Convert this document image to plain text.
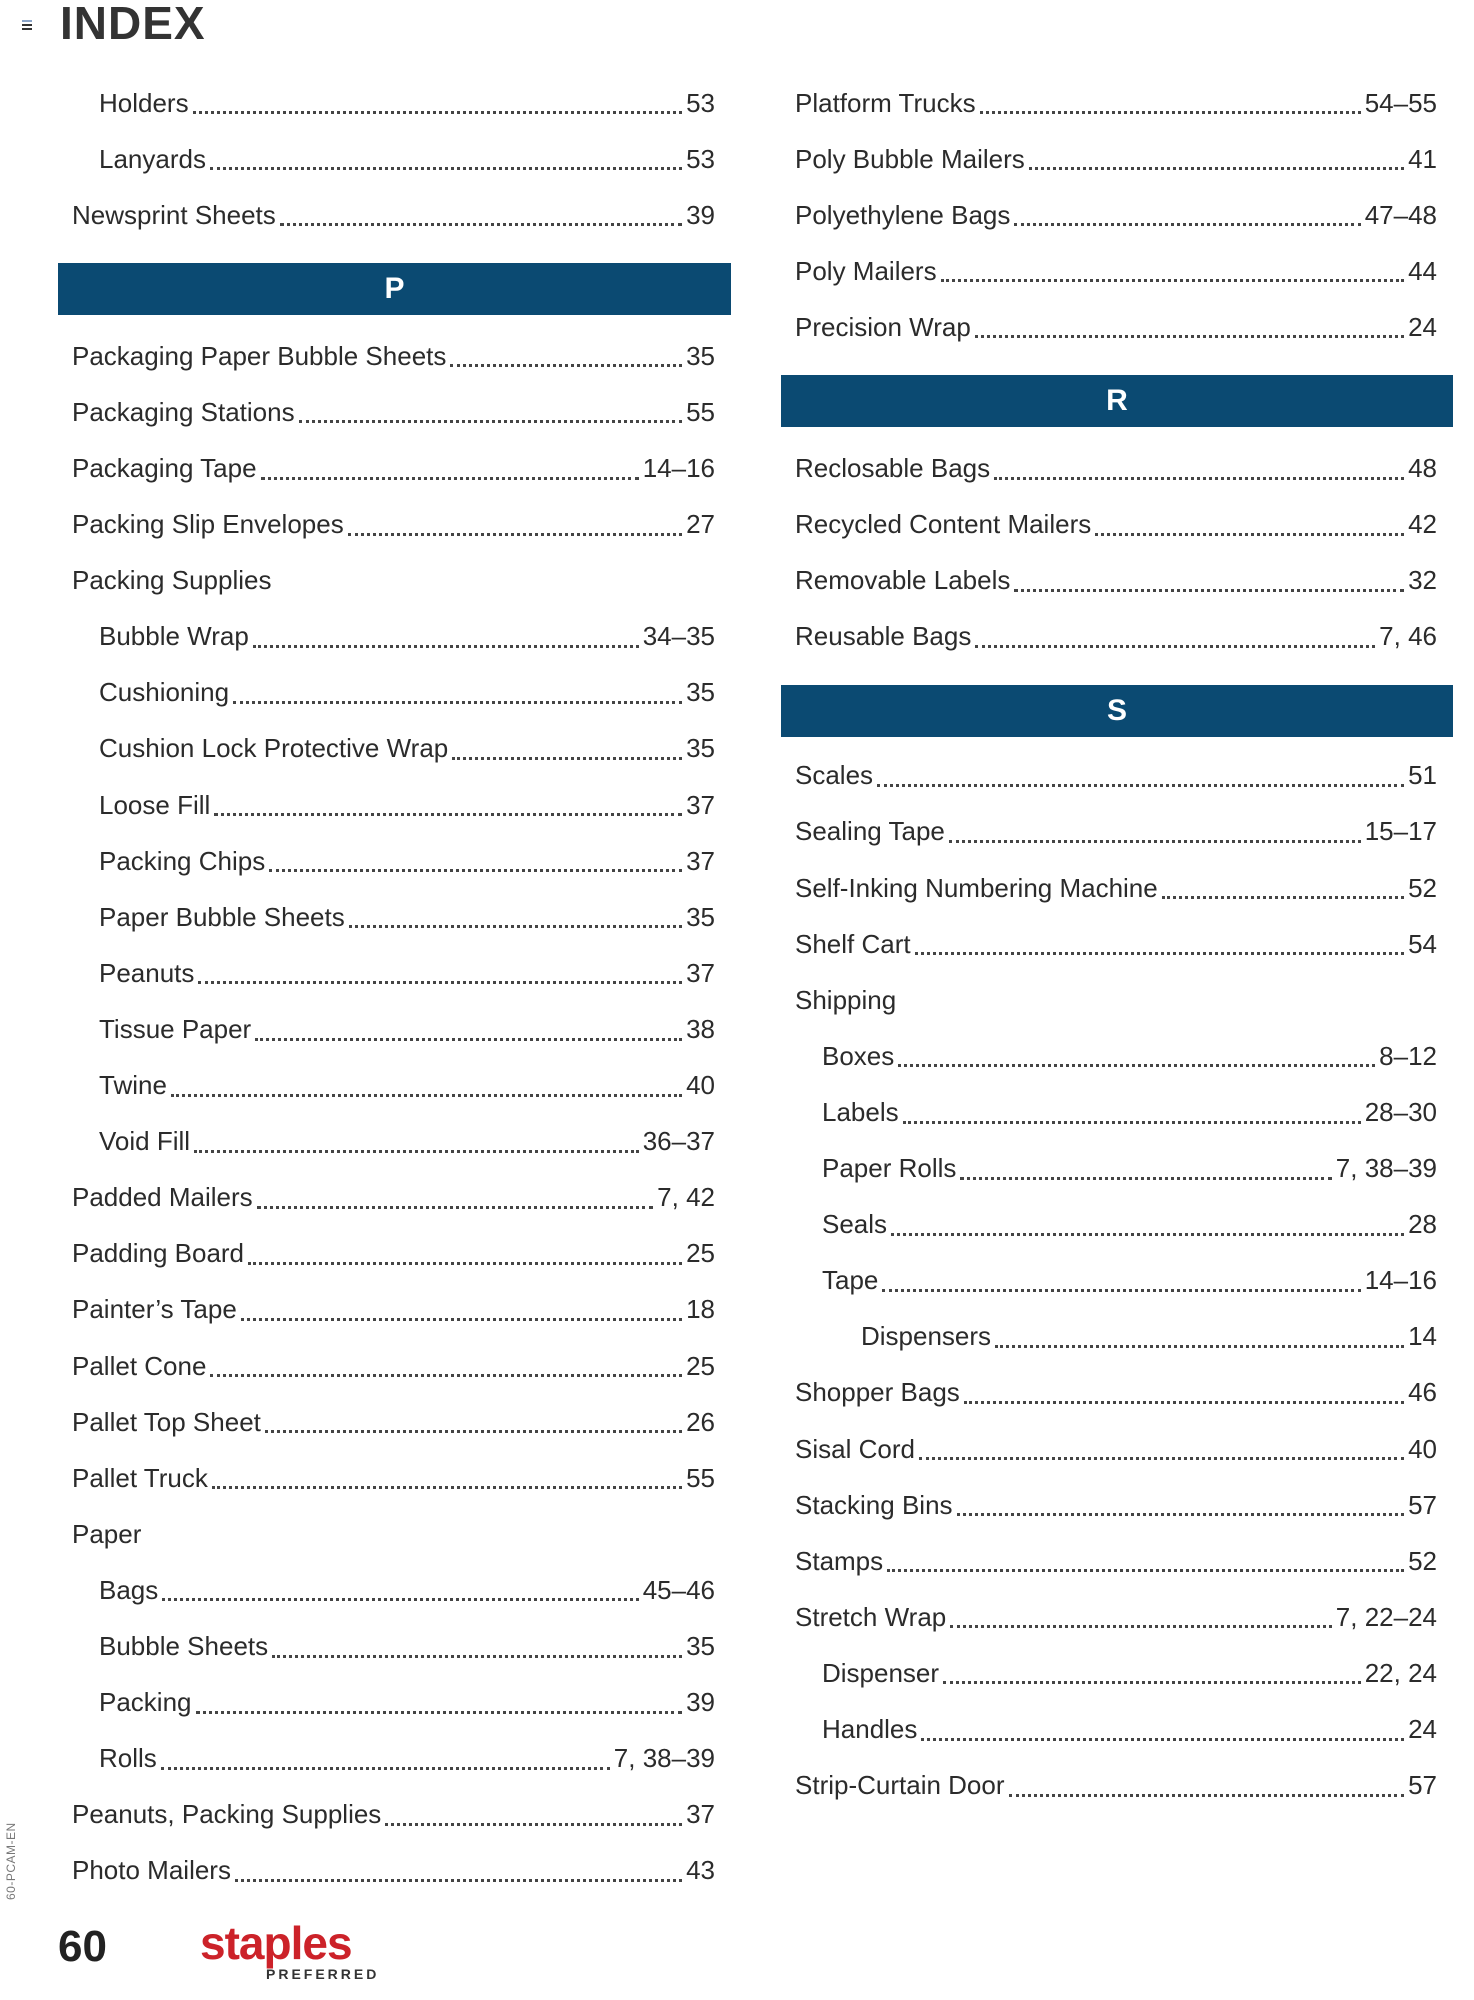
INDEX
Holders	53
Lanyards	53
Newsprint Sheets	39
P
Packaging Paper Bubble Sheets	35
Packaging Stations	55
Packaging Tape	14–16
Packing Slip Envelopes	27
Packing Supplies
Bubble Wrap	34–35
Cushioning	35
Cushion Lock Protective Wrap	35
Loose Fill	37
Packing Chips	37
Paper Bubble Sheets	35
Peanuts	37
Tissue Paper	38
Twine	40
Void Fill	36–37
Padded Mailers	7, 42
Padding Board	25
Painter’s Tape	18
Pallet Cone	25
Pallet Top Sheet	26
Pallet Truck	55
Paper
Bags	45–46
Bubble Sheets	35
Packing	39
Rolls	7, 38–39
Peanuts, Packing Supplies	37
Photo Mailers	43
Platform Trucks	54–55
Poly Bubble Mailers	41
Polyethylene Bags	47–48
Poly Mailers	44
Precision Wrap	24
R
Reclosable Bags	48
Recycled Content Mailers	42
Removable Labels	32
Reusable Bags	7, 46
S
Scales	51
Sealing Tape	15–17
Self-Inking Numbering Machine	52
Shelf Cart	54
Shipping
Boxes	8–12
Labels	28–30
Paper Rolls	7, 38–39
Seals	28
Tape	14–16
Dispensers	14
Shopper Bags	46
Sisal Cord	40
Stacking Bins	57
Stamps	52
Stretch Wrap	7, 22–24
Dispenser	22, 24
Handles	24
Strip-Curtain Door	57
60-PCAM-EN
60 staples
PREFERRED
